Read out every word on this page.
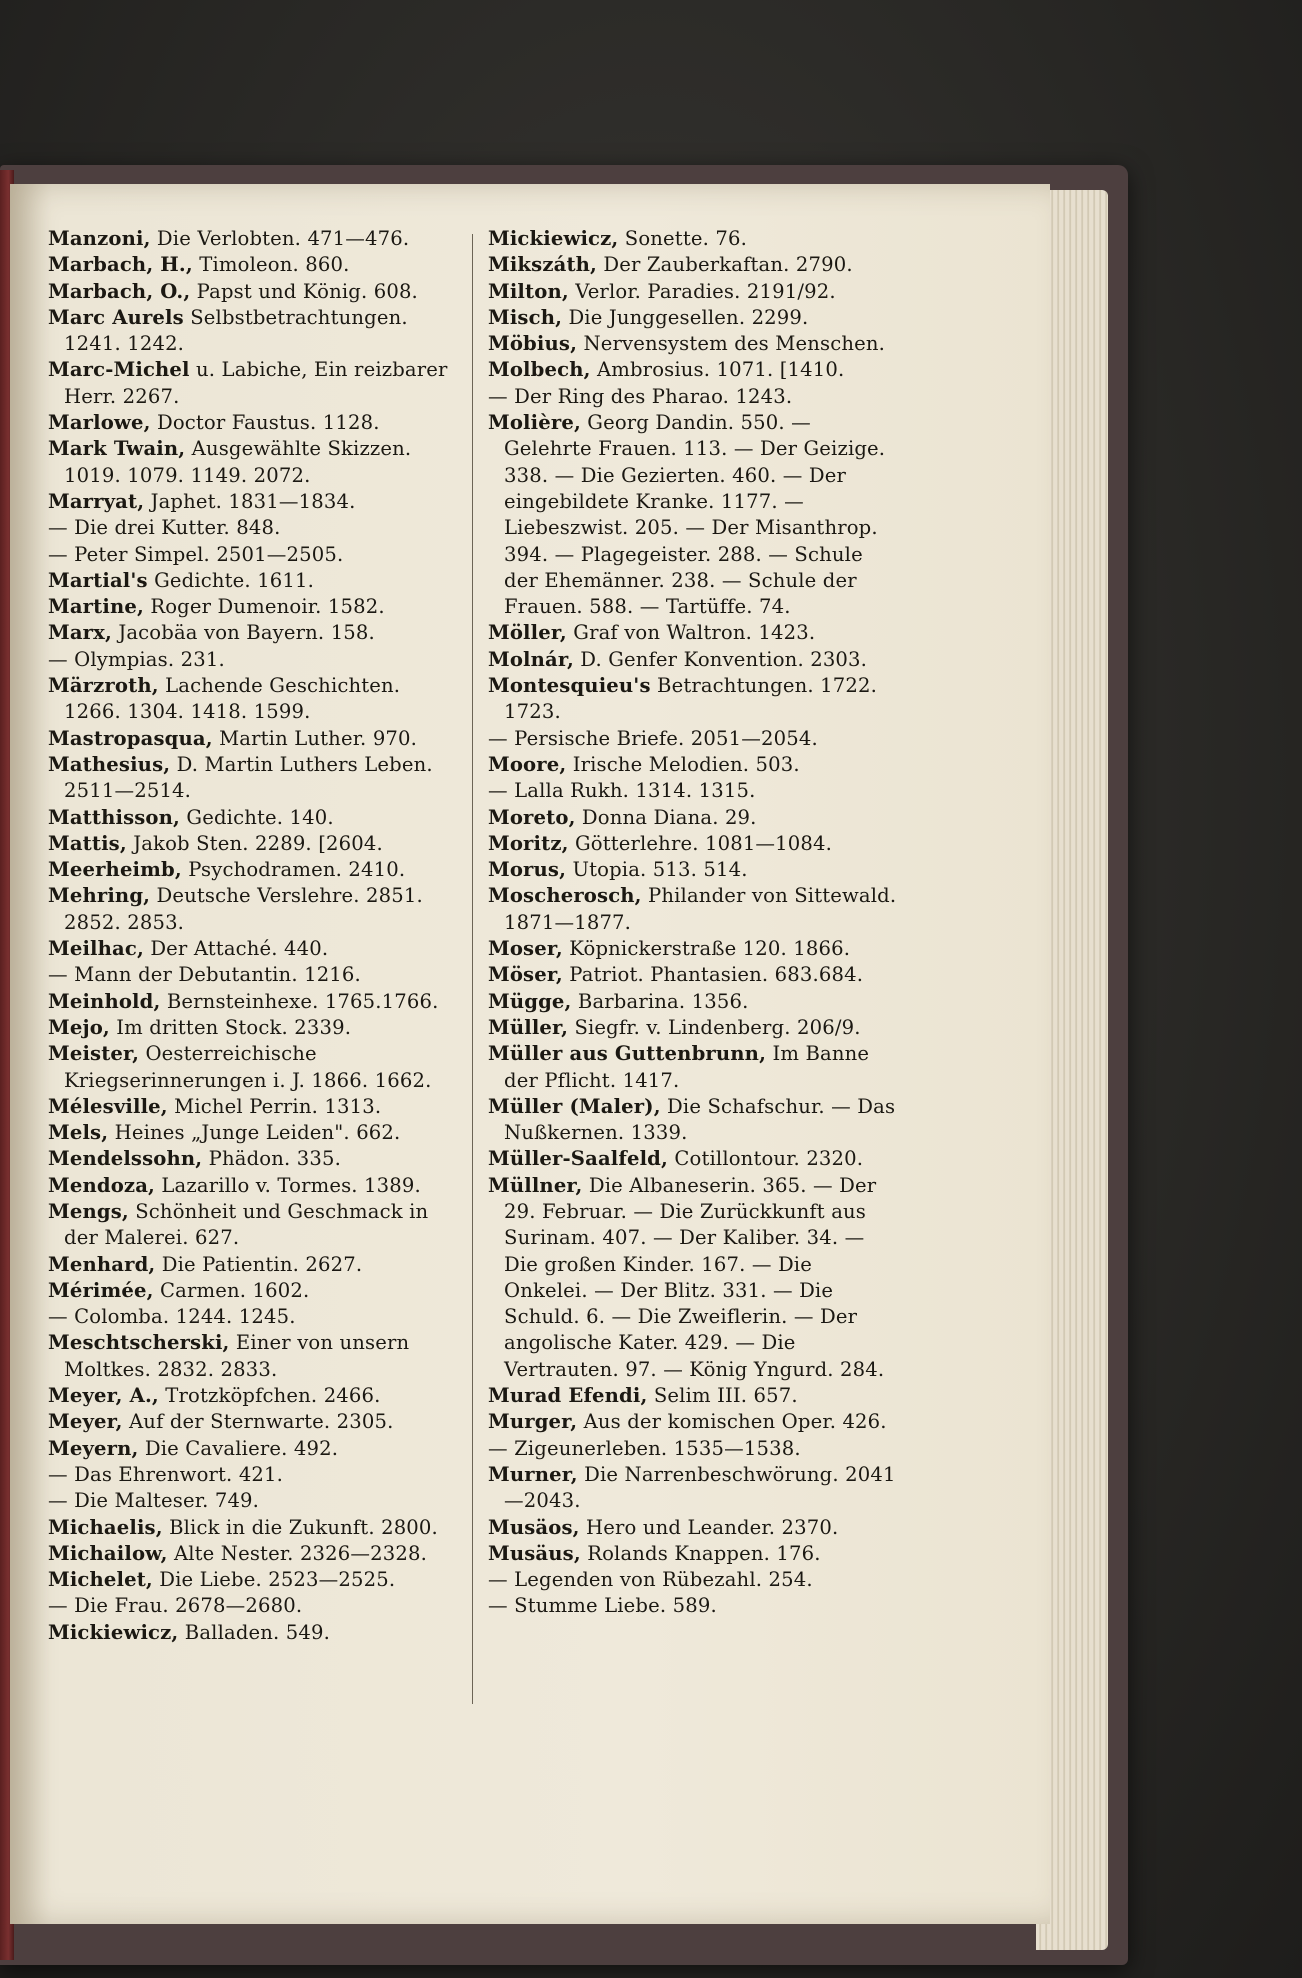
Manzoni, Die Verlobten. 471—476.
Marbach, H., Timoleon. 860.
Marbach, O., Papst und König. 608.
Marc Aurels Selbstbetrachtungen. 1241. 1242.
Marc-Michel u. Labiche, Ein reizbarer Herr. 2267.
Marlowe, Doctor Faustus. 1128.
Mark Twain, Ausgewählte Skizzen. 1019. 1079. 1149. 2072.
Marryat, Japhet. 1831—1834.
— Die drei Kutter. 848.
— Peter Simpel. 2501—2505.
Martial's Gedichte. 1611.
Martine, Roger Dumenoir. 1582.
Marx, Jacobäa von Bayern. 158.
— Olympias. 231.
Märzroth, Lachende Geschichten. 1266. 1304. 1418. 1599.
Mastropasqua, Martin Luther. 970.
Mathesius, D. Martin Luthers Leben. 2511—2514.
Matthisson, Gedichte. 140.
Mattis, Jakob Sten. 2289. [2604.
Meerheimb, Psychodramen. 2410.
Mehring, Deutsche Verslehre. 2851. 2852. 2853.
Meilhac, Der Attaché. 440.
— Mann der Debutantin. 1216.
Meinhold, Bernsteinhexe. 1765.1766.
Mejo, Im dritten Stock. 2339.
Meister, Oesterreichische Kriegserinnerungen i. J. 1866. 1662.
Mélesville, Michel Perrin. 1313.
Mels, Heines „Junge Leiden". 662.
Mendelssohn, Phädon. 335.
Mendoza, Lazarillo v. Tormes. 1389.
Mengs, Schönheit und Geschmack in der Malerei. 627.
Menhard, Die Patientin. 2627.
Mérimée, Carmen. 1602.
— Colomba. 1244. 1245.
Meschtscherski, Einer von unsern Moltkes. 2832. 2833.
Meyer, A., Trotzköpfchen. 2466.
Meyer, Auf der Sternwarte. 2305.
Meyern, Die Cavaliere. 492.
— Das Ehrenwort. 421.
— Die Malteser. 749.
Michaelis, Blick in die Zukunft. 2800.
Michailow, Alte Nester. 2326—2328.
Michelet, Die Liebe. 2523—2525.
— Die Frau. 2678—2680.
Mickiewicz, Balladen. 549.
Mickiewicz, Sonette. 76.
Mikszáth, Der Zauberkaftan. 2790.
Milton, Verlor. Paradies. 2191/92.
Misch, Die Junggesellen. 2299.
Möbius, Nervensystem des Menschen.
Molbech, Ambrosius. 1071. [1410.
— Der Ring des Pharao. 1243.
Molière, Georg Dandin. 550. — Gelehrte Frauen. 113. — Der Geizige. 338. — Die Gezierten. 460. — Der eingebildete Kranke. 1177. — Liebeszwist. 205. — Der Misanthrop. 394. — Plagegeister. 288. — Schule der Ehemänner. 238. — Schule der Frauen. 588. — Tartüffe. 74.
Möller, Graf von Waltron. 1423.
Molnár, D. Genfer Konvention. 2303.
Montesquieu's Betrachtungen. 1722. 1723.
— Persische Briefe. 2051—2054.
Moore, Irische Melodien. 503.
— Lalla Rukh. 1314. 1315.
Moreto, Donna Diana. 29.
Moritz, Götterlehre. 1081—1084.
Morus, Utopia. 513. 514.
Moscherosch, Philander von Sittewald. 1871—1877.
Moser, Köpnickerstraße 120. 1866.
Möser, Patriot. Phantasien. 683.684.
Mügge, Barbarina. 1356.
Müller, Siegfr. v. Lindenberg. 206/9.
Müller aus Guttenbrunn, Im Banne der Pflicht. 1417.
Müller (Maler), Die Schafschur. — Das Nußkernen. 1339.
Müller-Saalfeld, Cotillontour. 2320.
Müllner, Die Albaneserin. 365. — Der 29. Februar. — Die Zurückkunft aus Surinam. 407. — Der Kaliber. 34. — Die großen Kinder. 167. — Die Onkelei. — Der Blitz. 331. — Die Schuld. 6. — Die Zweiflerin. — Der angolische Kater. 429. — Die Vertrauten. 97. — König Yngurd. 284.
Murad Efendi, Selim III. 657.
Murger, Aus der komischen Oper. 426.
— Zigeunerleben. 1535—1538.
Murner, Die Narrenbeschwörung. 2041—2043.
Musäos, Hero und Leander. 2370.
Musäus, Rolands Knappen. 176.
— Legenden von Rübezahl. 254.
— Stumme Liebe. 589.
